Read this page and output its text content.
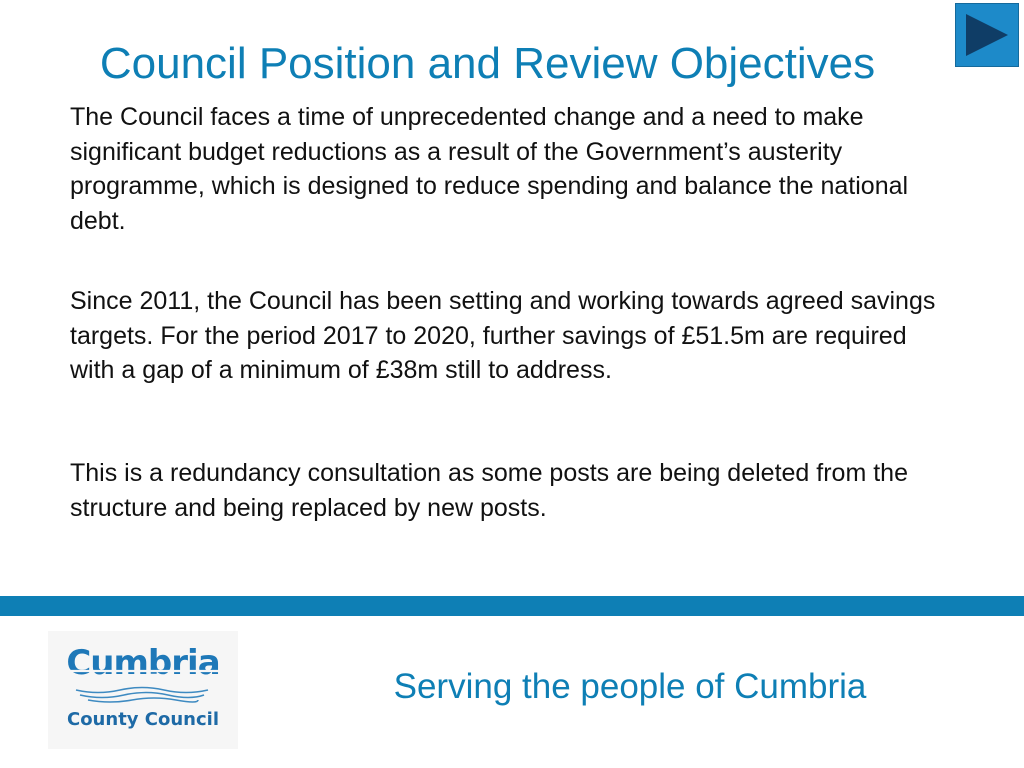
Council Position and Review Objectives

The Council faces a time of unprecedented change and a need to make significant budget reductions as a result of the Government’s austerity programme, which is designed to reduce spending and balance the national debt.

Since 2011, the Council has been setting and working towards agreed savings targets. For the period 2017 to 2020, further savings of £51.5m are required with a gap of a minimum of £38m still to address.

This is a redundancy consultation as some posts are being deleted from the structure and being replaced by new posts.

Cumbria
County Council

Serving the people of Cumbria
